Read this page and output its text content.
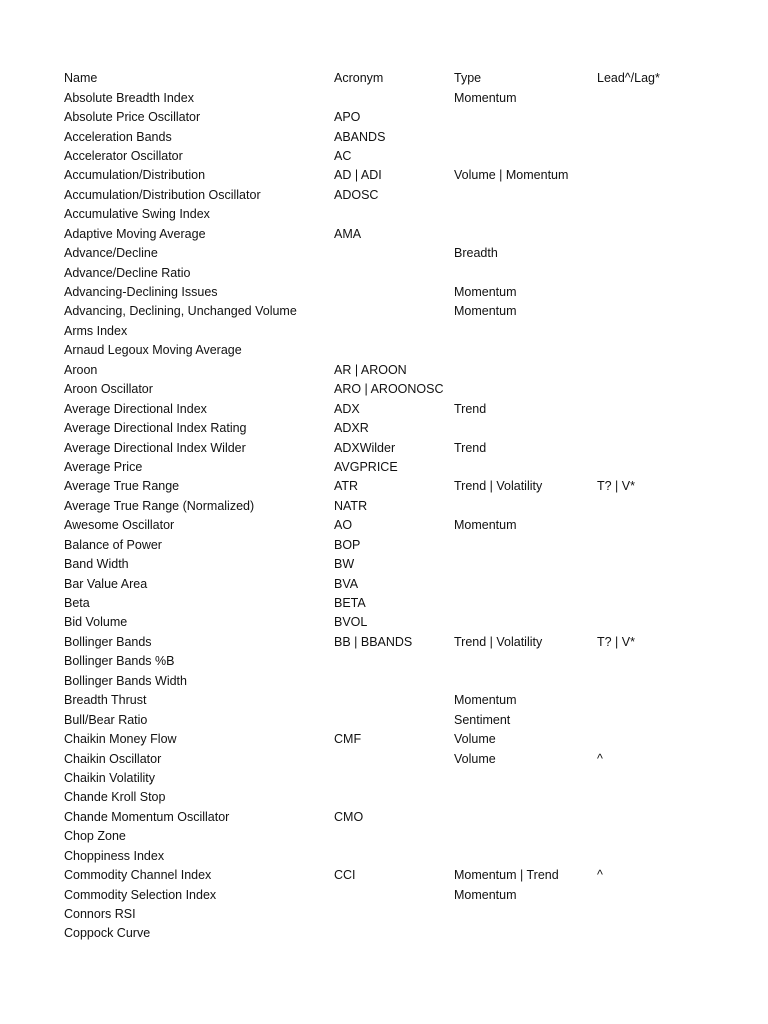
Name	Acronym	Type	Lead^/Lag*
Absolute Breadth Index		Momentum	
Absolute Price Oscillator	APO		
Acceleration Bands	ABANDS		
Accelerator Oscillator	AC		
Accumulation/Distribution	AD | ADI	Volume | Momentum	
Accumulation/Distribution Oscillator	ADOSC		
Accumulative Swing Index			
Adaptive Moving Average	AMA		
Advance/Decline		Breadth	
Advance/Decline Ratio			
Advancing-Declining Issues		Momentum	
Advancing, Declining, Unchanged Volume		Momentum	
Arms Index			
Arnaud Legoux Moving Average			
Aroon	AR | AROON		
Aroon Oscillator	ARO | AROONOSC		
Average Directional Index	ADX	Trend	
Average Directional Index Rating	ADXR		
Average Directional Index Wilder	ADXWilder	Trend	
Average Price	AVGPRICE		
Average True Range	ATR	Trend | Volatility	T? | V*
Average True Range (Normalized)	NATR		
Awesome Oscillator	AO	Momentum	
Balance of Power	BOP		
Band Width	BW		
Bar Value Area	BVA		
Beta	BETA		
Bid Volume	BVOL		
Bollinger Bands	BB | BBANDS	Trend | Volatility	T? | V*
Bollinger Bands %B			
Bollinger Bands Width			
Breadth Thrust		Momentum	
Bull/Bear Ratio		Sentiment	
Chaikin Money Flow	CMF	Volume	
Chaikin Oscillator		Volume	^
Chaikin Volatility			
Chande Kroll Stop			
Chande Momentum Oscillator	CMO		
Chop Zone			
Choppiness Index			
Commodity Channel Index	CCI	Momentum | Trend	^
Commodity Selection Index		Momentum	
Connors RSI			
Coppock Curve			
